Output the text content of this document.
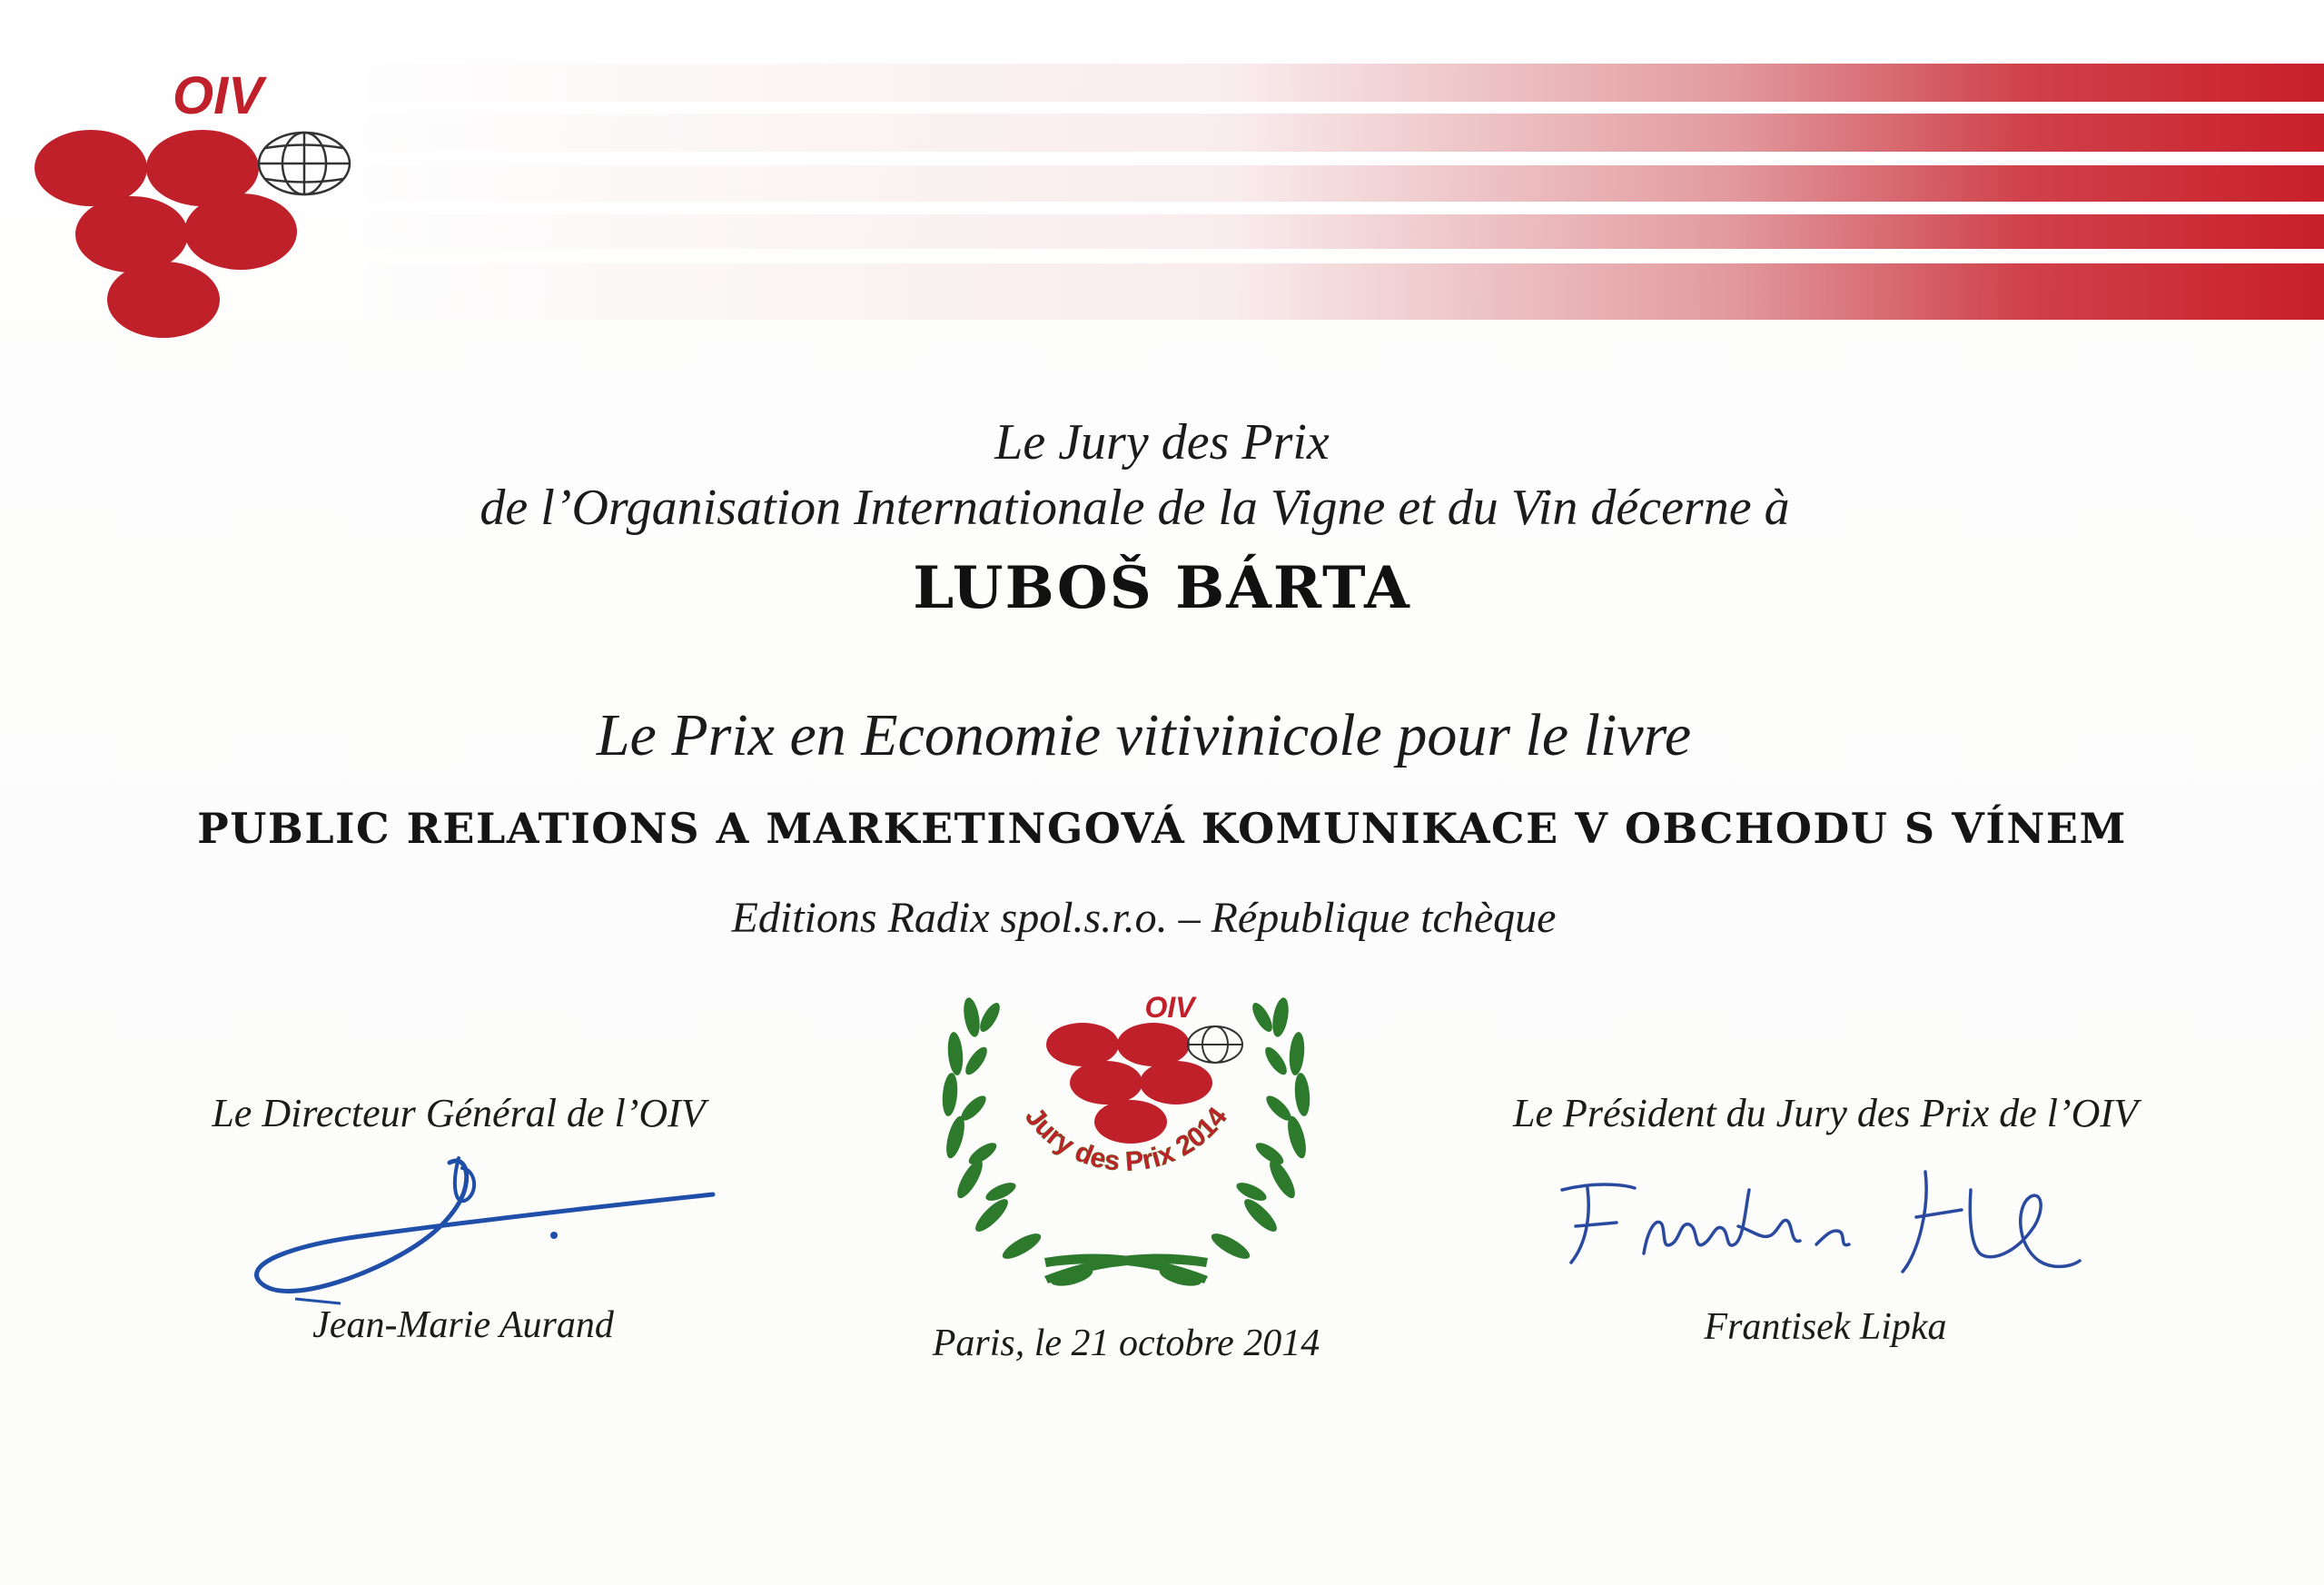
OIV
Le Jury des Prix
de l’Organisation Internationale de la Vigne et du Vin décerne à
LUBOŠ BÁRTA
Le Prix en Economie vitivinicole pour le livre
PUBLIC RELATIONS A MARKETINGOVÁ KOMUNIKACE V OBCHODU S VÍNEM
Editions Radix spol.s.r.o. – République tchèque
OIV
Jury des Prix 2014
Le Directeur Général de l’OIV	Le Président du Jury des Prix de l’OIV
Jean-Marie Aurand	Frantisek Lipka
Paris, le 21 octobre 2014
